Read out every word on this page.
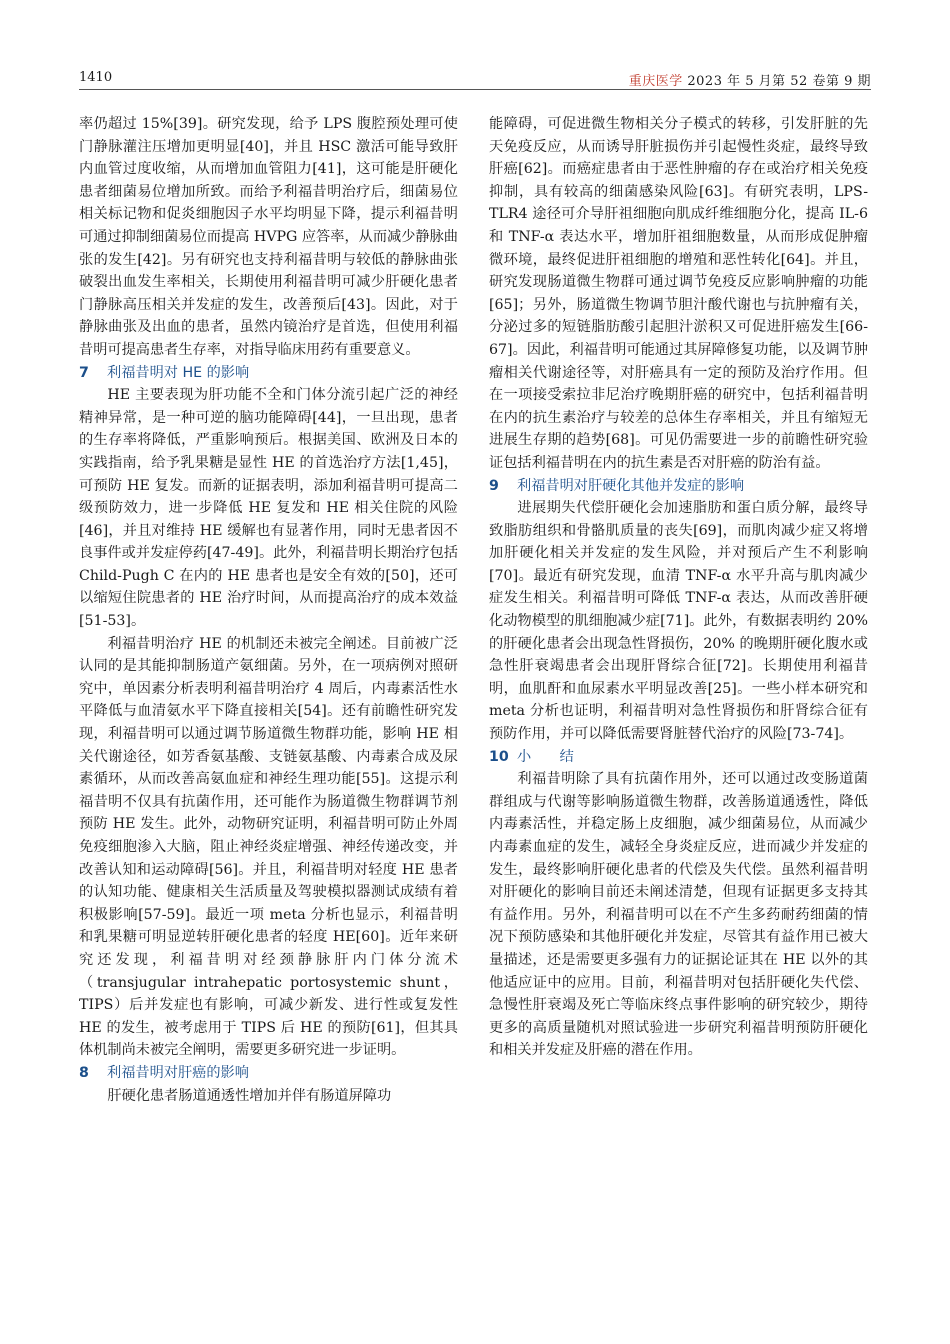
1410	重庆医学 2023 年 5 月第 52 卷第 9 期

率仍超过 15%[39]。研究发现，给予 LPS 腹腔预处理可使门静脉灌注压增加更明显[40]，并且 HSC 激活可能导致肝内血管过度收缩，从而增加血管阻力[41]，这可能是肝硬化患者细菌易位增加所致。而给予利福昔明治疗后，细菌易位相关标记物和促炎细胞因子水平均明显下降，提示利福昔明可通过抑制细菌易位而提高 HVPG 应答率，从而减少静脉曲张的发生[42]。另有研究也支持利福昔明与较低的静脉曲张破裂出血发生率相关，长期使用利福昔明可减少肝硬化患者门静脉高压相关并发症的发生，改善预后[43]。因此，对于静脉曲张及出血的患者，虽然内镜治疗是首选，但使用利福昔明可提高患者生存率，对指导临床用药有重要意义。

7 利福昔明对 HE 的影响

HE 主要表现为肝功能不全和门体分流引起广泛的神经精神异常，是一种可逆的脑功能障碍[44]，一旦出现，患者的生存率将降低，严重影响预后。根据美国、欧洲及日本的实践指南，给予乳果糖是显性 HE 的首选治疗方法[1,45]，可预防 HE 复发。而新的证据表明，添加利福昔明可提高二级预防效力，进一步降低 HE 复发和 HE 相关住院的风险[46]，并且对维持 HE 缓解也有显著作用，同时无患者因不良事件或并发症停药[47-49]。此外，利福昔明长期治疗包括 Child-Pugh C 在内的 HE 患者也是安全有效的[50]，还可以缩短住院患者的 HE 治疗时间，从而提高治疗的成本效益[51-53]。

利福昔明治疗 HE 的机制还未被完全阐述。目前被广泛认同的是其能抑制肠道产氨细菌。另外，在一项病例对照研究中，单因素分析表明利福昔明治疗 4 周后，内毒素活性水平降低与血清氨水平下降直接相关[54]。还有前瞻性研究发现，利福昔明可以通过调节肠道微生物群功能，影响 HE 相关代谢途径，如芳香氨基酸、支链氨基酸、内毒素合成及尿素循环，从而改善高氨血症和神经生理功能[55]。这提示利福昔明不仅具有抗菌作用，还可能作为肠道微生物群调节剂预防 HE 发生。此外，动物研究证明，利福昔明可防止外周免疫细胞渗入大脑，阻止神经炎症增强、神经传递改变，并改善认知和运动障碍[56]。并且，利福昔明对轻度 HE 患者的认知功能、健康相关生活质量及驾驶模拟器测试成绩有着积极影响[57-59]。最近一项 meta 分析也显示，利福昔明和乳果糖可明显逆转肝硬化患者的轻度 HE[60]。近年来研究还发现，利福昔明对经颈静脉肝内门体分流术（transjugular intrahepatic portosystemic shunt，TIPS）后并发症也有影响，可减少新发、进行性或复发性 HE 的发生，被考虑用于 TIPS 后 HE 的预防[61]，但其具体机制尚未被完全阐明，需要更多研究进一步证明。

8 利福昔明对肝癌的影响

肝硬化患者肠道通透性增加并伴有肠道屏障功

能障碍，可促进微生物相关分子模式的转移，引发肝脏的先天免疫反应，从而诱导肝脏损伤并引起慢性炎症，最终导致肝癌[62]。而癌症患者由于恶性肿瘤的存在或治疗相关免疫抑制，具有较高的细菌感染风险[63]。有研究表明，LPS-TLR4 途径可介导肝祖细胞向肌成纤维细胞分化，提高 IL-6 和 TNF-α 表达水平，增加肝祖细胞数量，从而形成促肿瘤微环境，最终促进肝祖细胞的增殖和恶性转化[64]。并且，研究发现肠道微生物群可通过调节免疫反应影响肿瘤的功能[65]；另外，肠道微生物调节胆汁酸代谢也与抗肿瘤有关，分泌过多的短链脂肪酸引起胆汁淤积又可促进肝癌发生[66-67]。因此，利福昔明可能通过其屏障修复功能，以及调节肿瘤相关代谢途径等，对肝癌具有一定的预防及治疗作用。但在一项接受索拉非尼治疗晚期肝癌的研究中，包括利福昔明在内的抗生素治疗与较差的总体生存率相关，并且有缩短无进展生存期的趋势[68]。可见仍需要进一步的前瞻性研究验证包括利福昔明在内的抗生素是否对肝癌的防治有益。

9 利福昔明对肝硬化其他并发症的影响

进展期失代偿肝硬化会加速脂肪和蛋白质分解，最终导致脂肪组织和骨骼肌质量的丧失[69]，而肌肉减少症又将增加肝硬化相关并发症的发生风险，并对预后产生不利影响[70]。最近有研究发现，血清 TNF-α 水平升高与肌肉减少症发生相关。利福昔明可降低 TNF-α 表达，从而改善肝硬化动物模型的肌细胞减少症[71]。此外，有数据表明约 20% 的肝硬化患者会出现急性肾损伤，20% 的晚期肝硬化腹水或急性肝衰竭患者会出现肝肾综合征[72]。长期使用利福昔明，血肌酐和血尿素水平明显改善[25]。一些小样本研究和 meta 分析也证明，利福昔明对急性肾损伤和肝肾综合征有预防作用，并可以降低需要肾脏替代治疗的风险[73-74]。

10 小　　结

利福昔明除了具有抗菌作用外，还可以通过改变肠道菌群组成与代谢等影响肠道微生物群，改善肠道通透性，降低内毒素活性，并稳定肠上皮细胞，减少细菌易位，从而减少内毒素血症的发生，减轻全身炎症反应，进而减少并发症的发生，最终影响肝硬化患者的代偿及失代偿。虽然利福昔明对肝硬化的影响目前还未阐述清楚，但现有证据更多支持其有益作用。另外，利福昔明可以在不产生多药耐药细菌的情况下预防感染和其他肝硬化并发症，尽管其有益作用已被大量描述，还是需要更多强有力的证据论证其在 HE 以外的其他适应证中的应用。目前，利福昔明对包括肝硬化失代偿、急慢性肝衰竭及死亡等临床终点事件影响的研究较少，期待更多的高质量随机对照试验进一步研究利福昔明预防肝硬化和相关并发症及肝癌的潜在作用。
